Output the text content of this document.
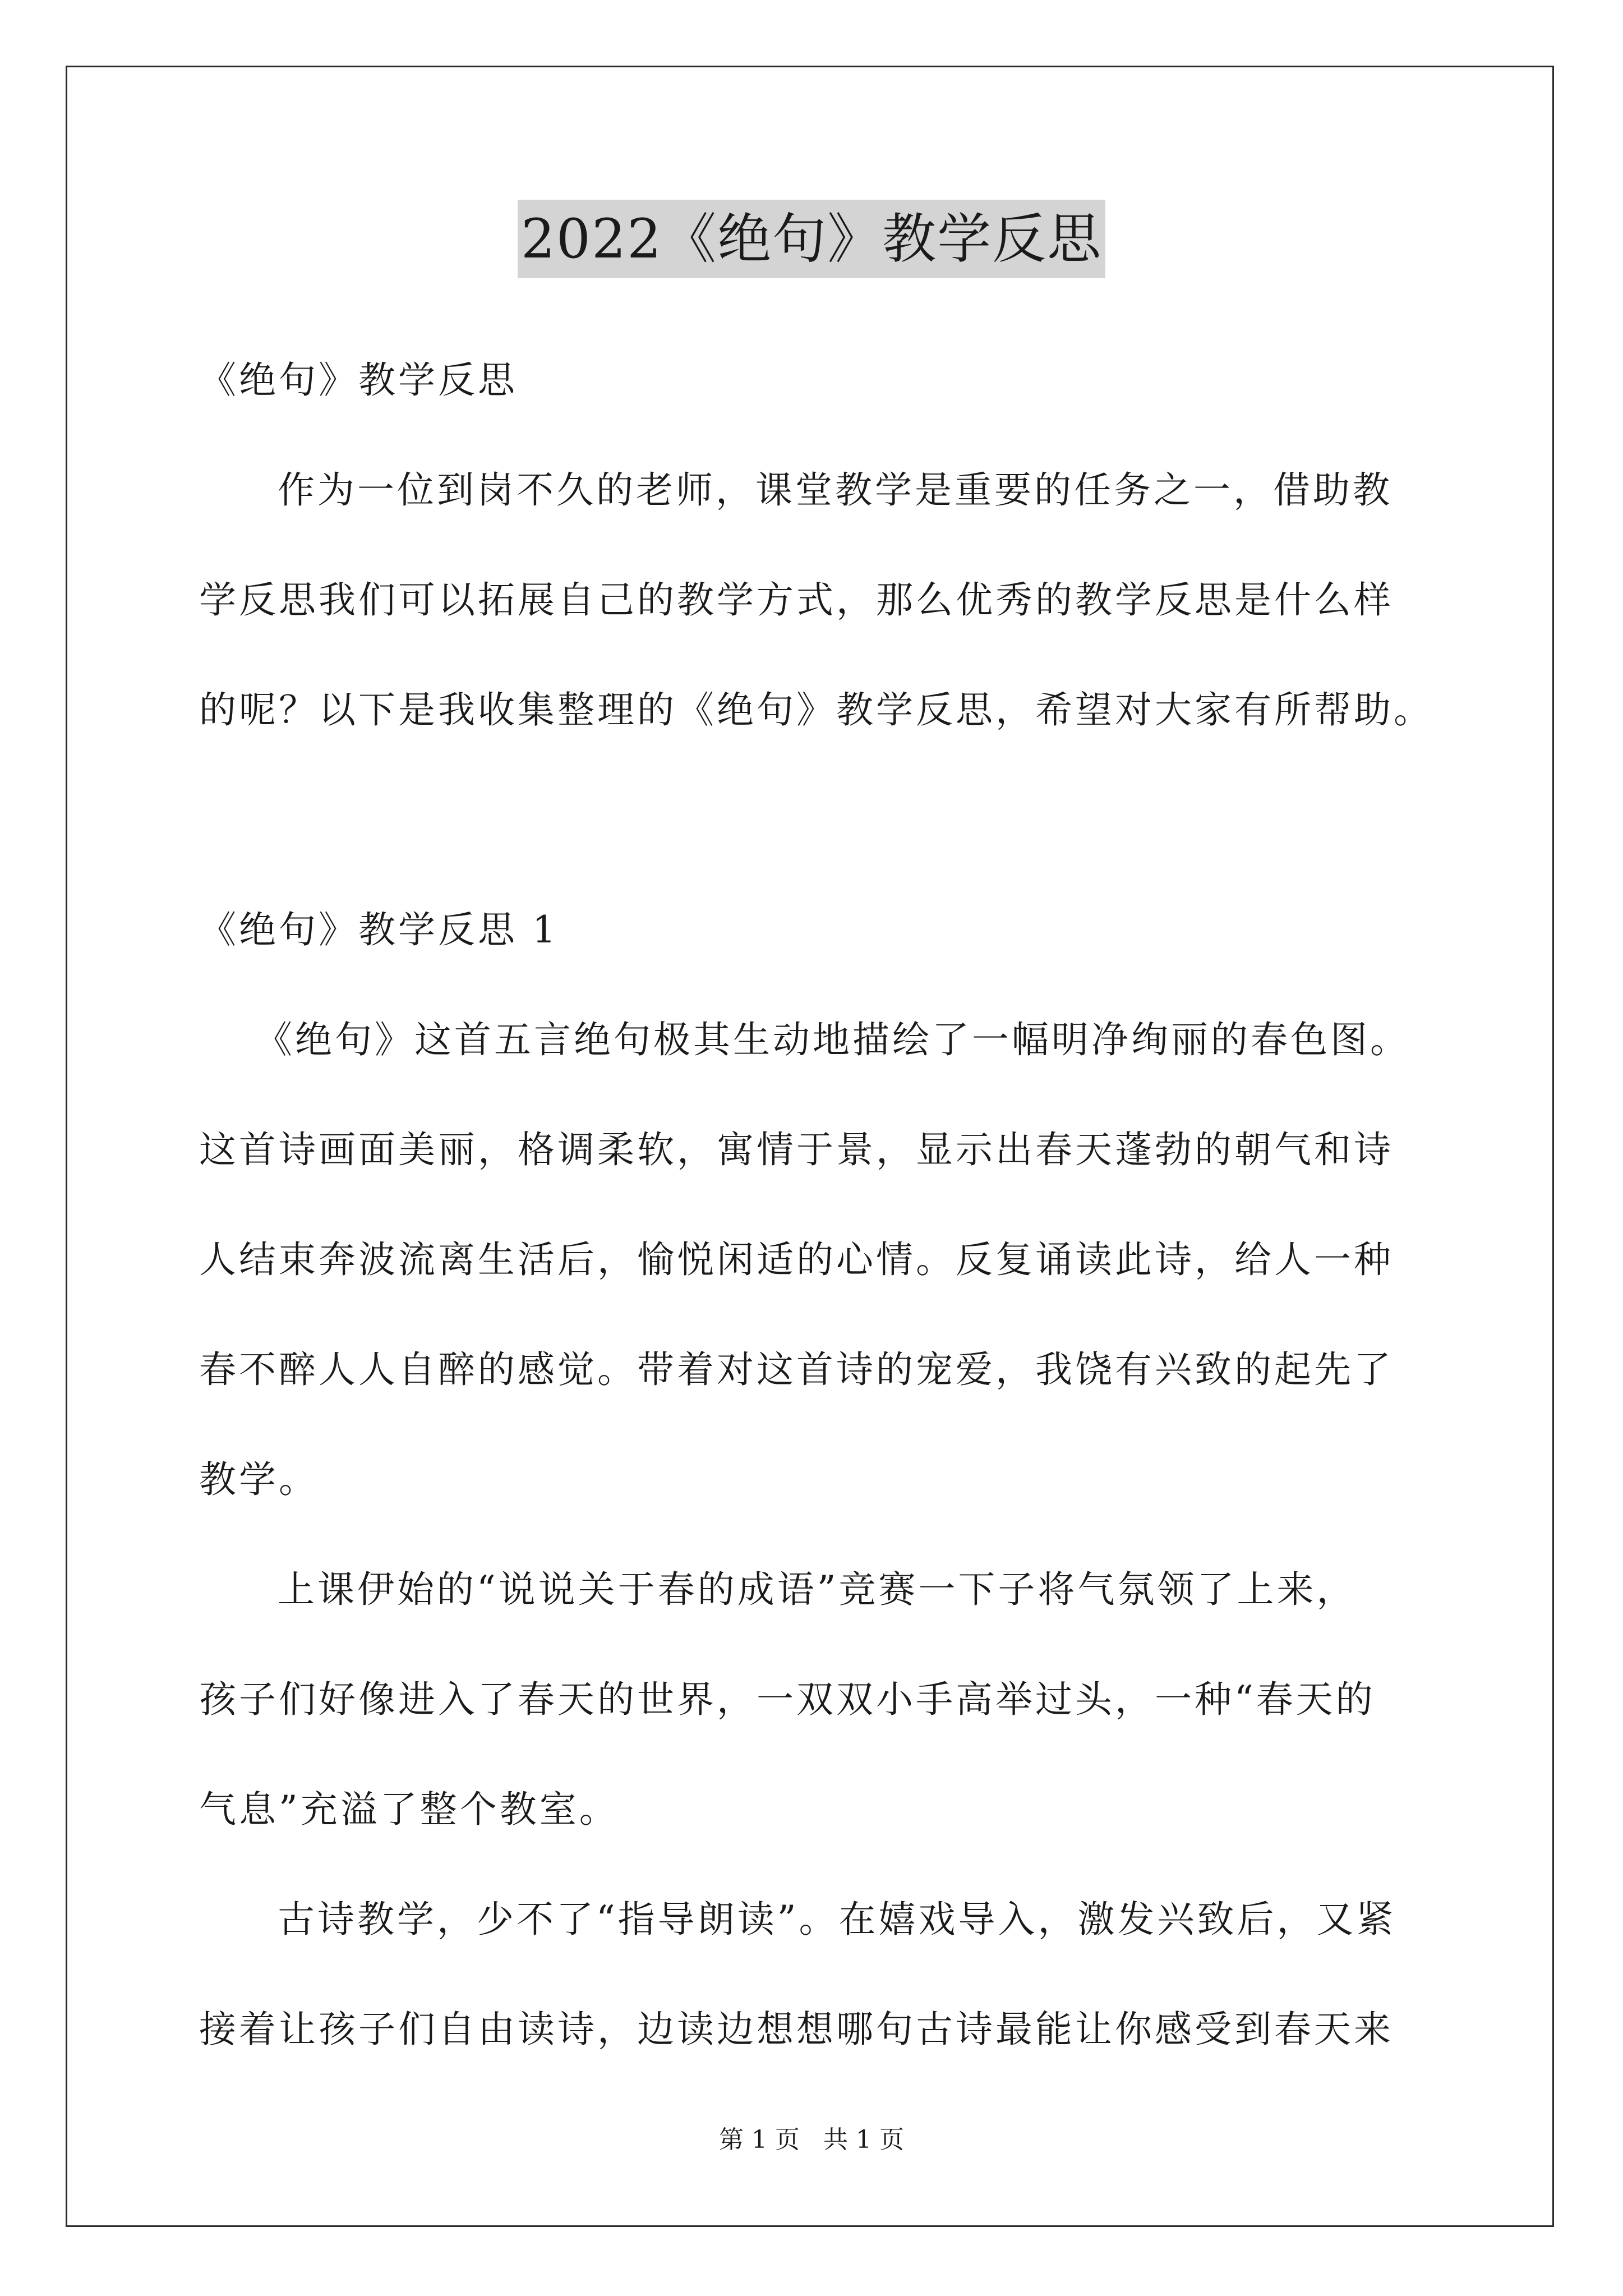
2022《绝句》教学反思
《绝句》教学反思
作为一位到岗不久的老师，课堂教学是重要的任务之一，借助教
学反思我们可以拓展自己的教学方式，那么优秀的教学反思是什么样
的呢？以下是我收集整理的《绝句》教学反思，希望对大家有所帮助。
《绝句》教学反思 1
《绝句》这首五言绝句极其生动地描绘了一幅明净绚丽的春色图。
这首诗画面美丽，格调柔软，寓情于景，显示出春天蓬勃的朝气和诗
人结束奔波流离生活后，愉悦闲适的心情。反复诵读此诗，给人一种
春不醉人人自醉的感觉。带着对这首诗的宠爱，我饶有兴致的起先了
教学。
上课伊始的“说说关于春的成语”竞赛一下子将气氛领了上来，
孩子们好像进入了春天的世界，一双双小手高举过头，一种“春天的
气息”充溢了整个教室。
古诗教学，少不了“指导朗读”。在嬉戏导入，激发兴致后，又紧
接着让孩子们自由读诗，边读边想想哪句古诗最能让你感受到春天来
第 1 页 共 1 页
